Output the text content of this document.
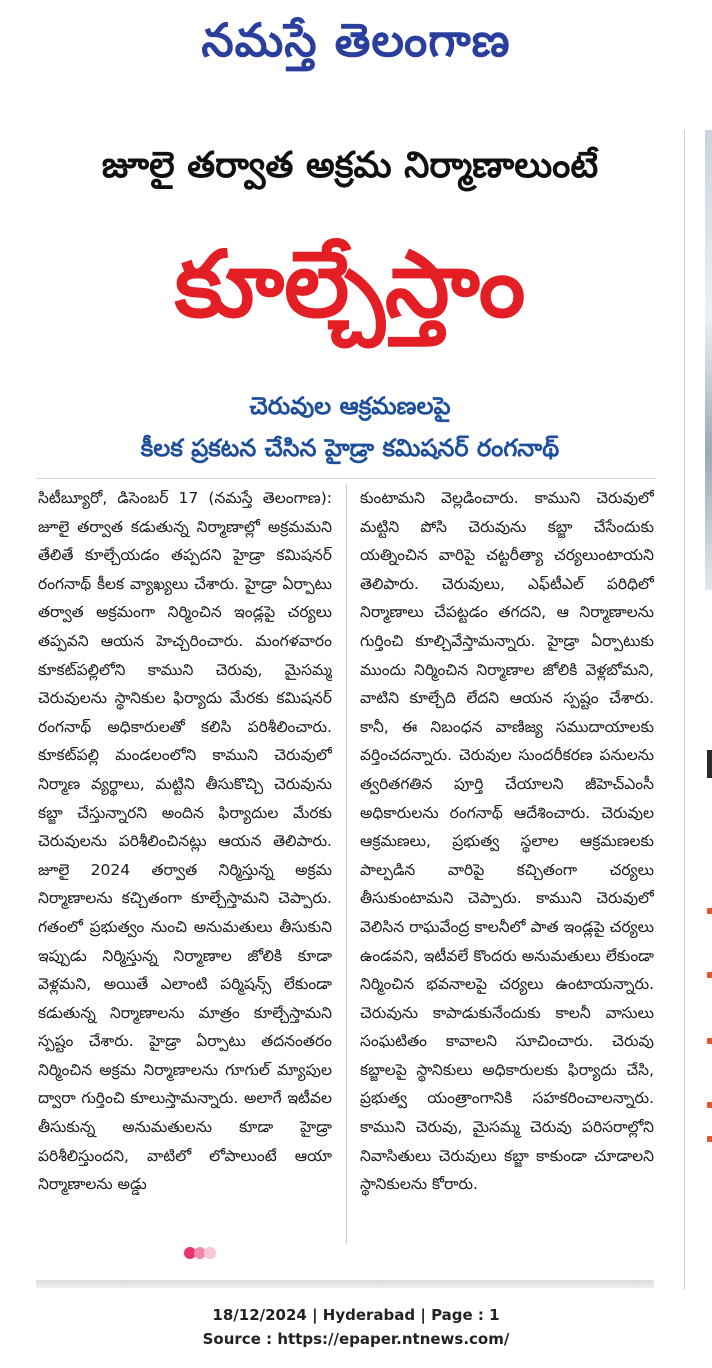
నమస్తే తెలంగాణ
జూలై తర్వాత అక్రమ నిర్మాణాలుంటే
కూల్చేస్తాం
చెరువుల ఆక్రమణలపై
కీలక ప్రకటన చేసిన హైడ్రా కమిషనర్ రంగనాథ్
సిటీబ్యూరో, డిసెంబర్ 17 (నమస్తే తెలంగాణ): జూలై తర్వాత కడుతున్న నిర్మాణాల్లో అక్రమమని తేలితే కూల్చేయడం తప్పదని హైడ్రా కమిషనర్ రంగనాథ్ కీలక వ్యాఖ్యలు చేశారు. హైడ్రా ఏర్పాటు తర్వాత అక్రమంగా నిర్మించిన ఇండ్లపై చర్యలు తప్పవని ఆయన హెచ్చరించారు. మంగళవారం కూకట్‌పల్లిలోని కాముని చెరువు, మైసమ్మ చెరువులను స్థానికుల ఫిర్యాదు మేరకు కమిషనర్ రంగనాథ్ అధికారులతో కలిసి పరిశీలించారు. కూకట్‌పల్లి మండలంలోని కాముని చెరువులో నిర్మాణ వ్యర్థాలు, మట్టిని తీసుకొచ్చి చెరువును కబ్జా చేస్తున్నారని అందిన ఫిర్యాదుల మేరకు చెరువులను పరిశీలించినట్లు ఆయన తెలిపారు. జూలై 2024 తర్వాత నిర్మిస్తున్న అక్రమ నిర్మాణాలను కచ్చితంగా కూల్చేస్తామని చెప్పారు. గతంలో ప్రభుత్వం నుంచి అనుమతులు తీసుకుని ఇప్పుడు నిర్మిస్తున్న నిర్మాణాల జోలికి కూడా వెళ్లమని, అయితే ఎలాంటి పర్మిషన్స్ లేకుండా కడుతున్న నిర్మాణాలను మాత్రం కూల్చేస్తామని స్పష్టం చేశారు. హైడ్రా ఏర్పాటు తదనంతరం నిర్మించిన అక్రమ నిర్మాణాలను గూగుల్ మ్యాపుల ద్వారా గుర్తించి కూలుస్తామన్నారు. అలాగే ఇటీవల తీసుకున్న అనుమతులను కూడా హైడ్రా పరిశీలిస్తుందని, వాటిలో లోపాలుంటే ఆయా నిర్మాణాలను అడ్డు
కుంటామని వెల్లడించారు. కాముని చెరువులో మట్టిని పోసి చెరువును కబ్జా చేసేందుకు యత్నించిన వారిపై చట్టరీత్యా చర్యలుంటాయని తెలిపారు. చెరువులు, ఎఫ్‌టీఎల్ పరిధిలో నిర్మాణాలు చేపట్టడం తగదని, ఆ నిర్మాణాలను గుర్తించి కూల్చివేస్తామన్నారు. హైడ్రా ఏర్పాటుకు ముందు నిర్మించిన నిర్మాణాల జోలికి వెళ్లబోమని, వాటిని కూల్చేది లేదని ఆయన స్పష్టం చేశారు. కానీ, ఈ నిబంధన వాణిజ్య సముదాయాలకు వర్తించదన్నారు. చెరువుల సుందరీకరణ పనులను త్వరితగతిన పూర్తి చేయాలని జీహెచ్ఎంసీ అధికారులను రంగనాథ్ ఆదేశించారు. చెరువుల ఆక్రమణలు, ప్రభుత్వ స్థలాల ఆక్రమణలకు పాల్పడిన వారిపై కచ్చితంగా చర్యలు తీసుకుంటామని చెప్పారు. కాముని చెరువులో వెలిసిన రాఘవేంద్ర కాలనీలో పాత ఇండ్లపై చర్యలు ఉండవని, ఇటీవలే కొందరు అనుమతులు లేకుండా నిర్మించిన భవనాలపై చర్యలు ఉంటాయన్నారు. చెరువును కాపాడుకునేందుకు కాలనీ వాసులు సంఘటితం కావాలని సూచించారు. చెరువు కబ్జాలపై స్థానికులు అధికారులకు ఫిర్యాదు చేసి, ప్రభుత్వ యంత్రాంగానికి సహకరించాలన్నారు. కాముని చెరువు, మైసమ్మ చెరువు పరిసరాల్లోని నివాసితులు చెరువులు కబ్జా కాకుండా చూడాలని స్థానికులను కోరారు.
18/12/2024 | Hyderabad | Page : 1
Source : https://epaper.ntnews.com/
